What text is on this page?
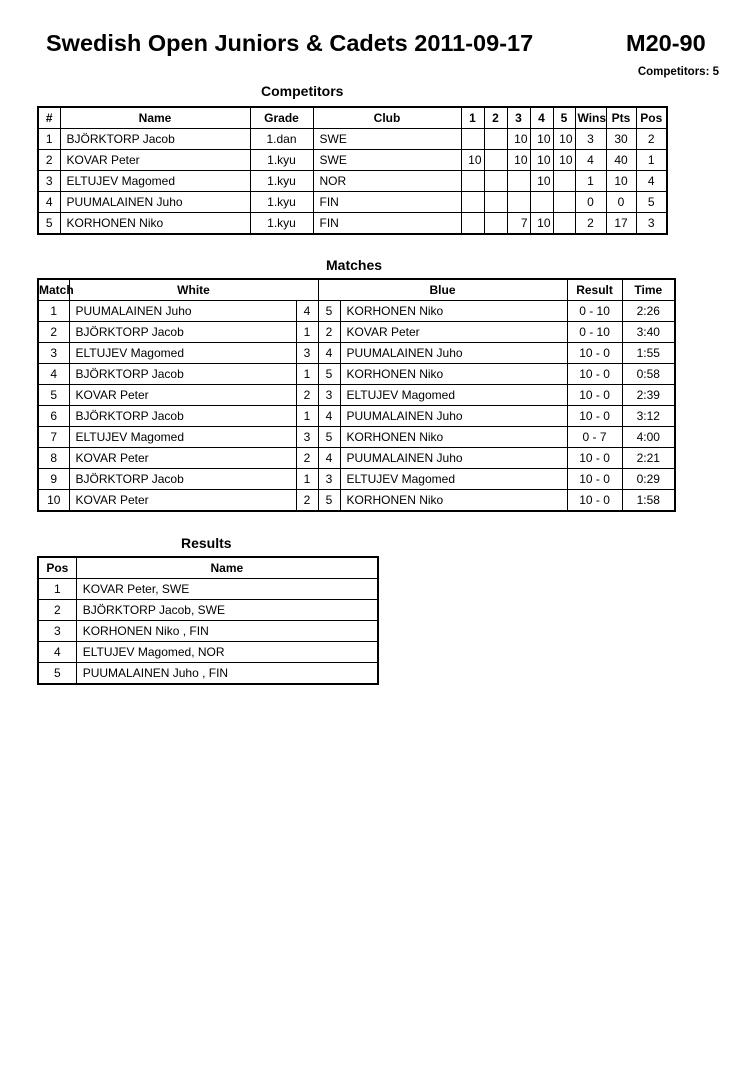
Swedish Open Juniors & Cadets 2011-09-17	M20-90
Competitors: 5
Competitors
#	Name	Grade	Club	1	2	3	4	5	Wins	Pts	Pos
1	BJÖRKTORP Jacob	1.dan	SWE			10	10	10	3	30	2
2	KOVAR Peter	1.kyu	SWE	10		10	10	10	4	40	1
3	ELTUJEV Magomed	1.kyu	NOR				10		1	10	4
4	PUUMALAINEN Juho	1.kyu	FIN						0	0	5
5	KORHONEN Niko	1.kyu	FIN			7	10		2	17	3
Matches
Match	White		Blue		Result	Time
1	PUUMALAINEN Juho	4	5	KORHONEN Niko	0 - 10	2:26
2	BJÖRKTORP Jacob	1	2	KOVAR Peter	0 - 10	3:40
3	ELTUJEV Magomed	3	4	PUUMALAINEN Juho	10 - 0	1:55
4	BJÖRKTORP Jacob	1	5	KORHONEN Niko	10 - 0	0:58
5	KOVAR Peter	2	3	ELTUJEV Magomed	10 - 0	2:39
6	BJÖRKTORP Jacob	1	4	PUUMALAINEN Juho	10 - 0	3:12
7	ELTUJEV Magomed	3	5	KORHONEN Niko	0 - 7	4:00
8	KOVAR Peter	2	4	PUUMALAINEN Juho	10 - 0	2:21
9	BJÖRKTORP Jacob	1	3	ELTUJEV Magomed	10 - 0	0:29
10	KOVAR Peter	2	5	KORHONEN Niko	10 - 0	1:58
Results
Pos	Name
1	KOVAR Peter, SWE
2	BJÖRKTORP Jacob, SWE
3	KORHONEN Niko , FIN
4	ELTUJEV Magomed, NOR
5	PUUMALAINEN Juho , FIN
